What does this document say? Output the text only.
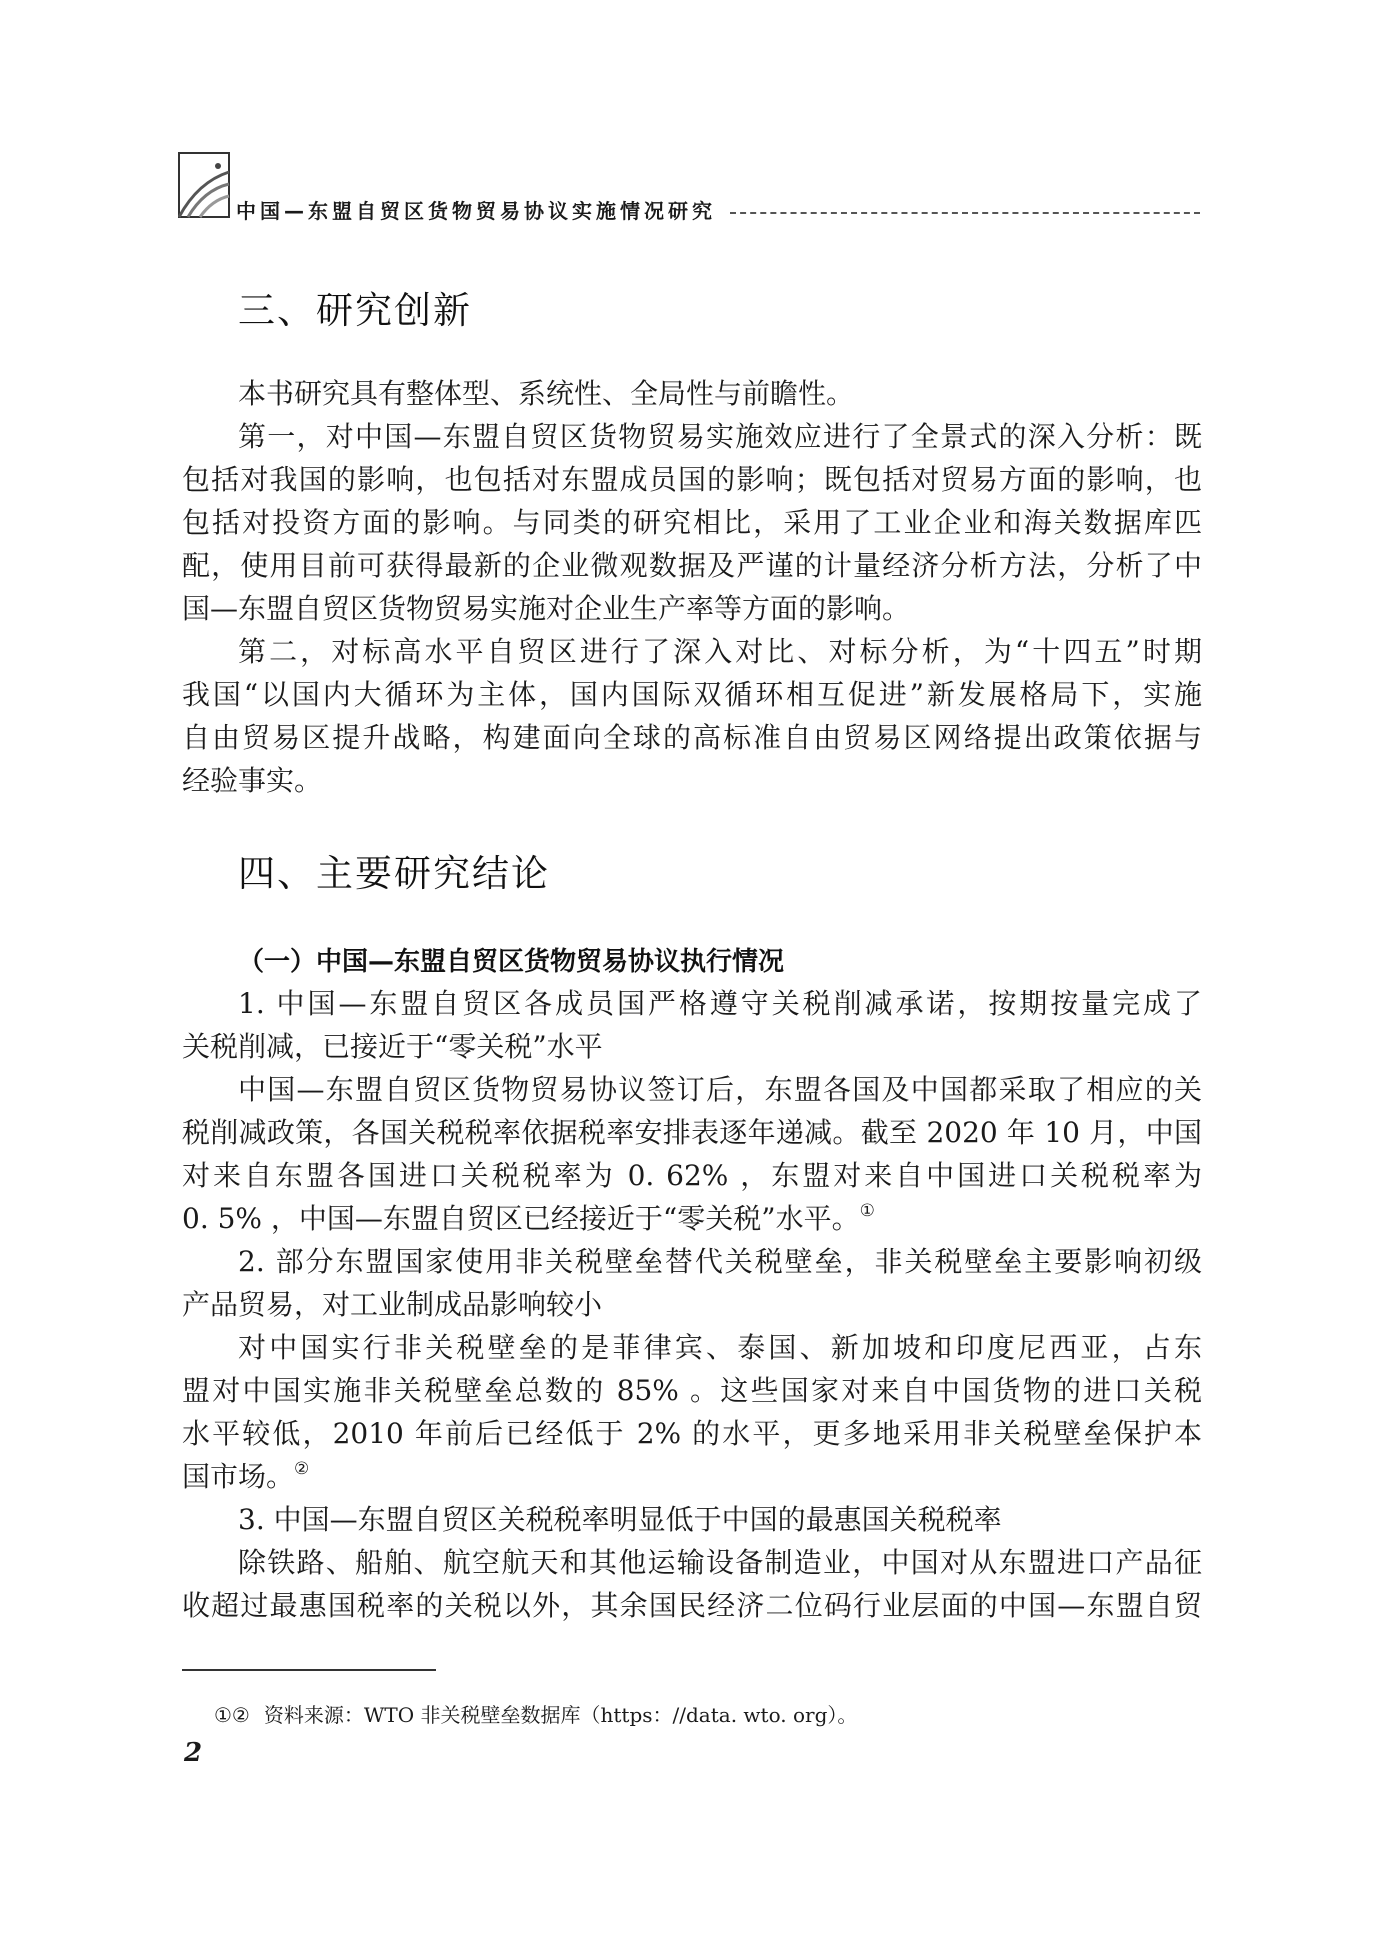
中国—东盟自贸区货物贸易协议实施情况研究
三、研究创新
本书研究具有整体型、系统性、全局性与前瞻性。
第一，对中国—东盟自贸区货物贸易实施效应进行了全景式的深入分析：既
包括对我国的影响，也包括对东盟成员国的影响；既包括对贸易方面的影响，也
包括对投资方面的影响。与同类的研究相比，采用了工业企业和海关数据库匹
配，使用目前可获得最新的企业微观数据及严谨的计量经济分析方法，分析了中
国—东盟自贸区货物贸易实施对企业生产率等方面的影响。
第二，对标高水平自贸区进行了深入对比、对标分析，为“十四五”时期
我国“以国内大循环为主体，国内国际双循环相互促进”新发展格局下，实施
自由贸易区提升战略，构建面向全球的高标准自由贸易区网络提出政策依据与
经验事实。
四、主要研究结论
（一）中国—东盟自贸区货物贸易协议执行情况
1. 中国—东盟自贸区各成员国严格遵守关税削减承诺，按期按量完成了
关税削减，已接近于“零关税”水平
中国—东盟自贸区货物贸易协议签订后，东盟各国及中国都采取了相应的关
税削减政策，各国关税税率依据税率安排表逐年递减。截至 2020 年 10 月，中国
对来自东盟各国进口关税税率为 0. 62% ，东盟对来自中国进口关税税率为
0. 5% ，中国—东盟自贸区已经接近于“零关税”水平。①
2. 部分东盟国家使用非关税壁垒替代关税壁垒，非关税壁垒主要影响初级
产品贸易，对工业制成品影响较小
对中国实行非关税壁垒的是菲律宾、泰国、新加坡和印度尼西亚，占东
盟对中国实施非关税壁垒总数的 85% 。这些国家对来自中国货物的进口关税
水平较低，2010 年前后已经低于 2% 的水平，更多地采用非关税壁垒保护本
国市场。②
3. 中国—东盟自贸区关税税率明显低于中国的最惠国关税税率
除铁路、船舶、航空航天和其他运输设备制造业，中国对从东盟进口产品征
收超过最惠国税率的关税以外，其余国民经济二位码行业层面的中国—东盟自贸
①② 资料来源：WTO 非关税壁垒数据库（https：//data. wto. org）。
2
